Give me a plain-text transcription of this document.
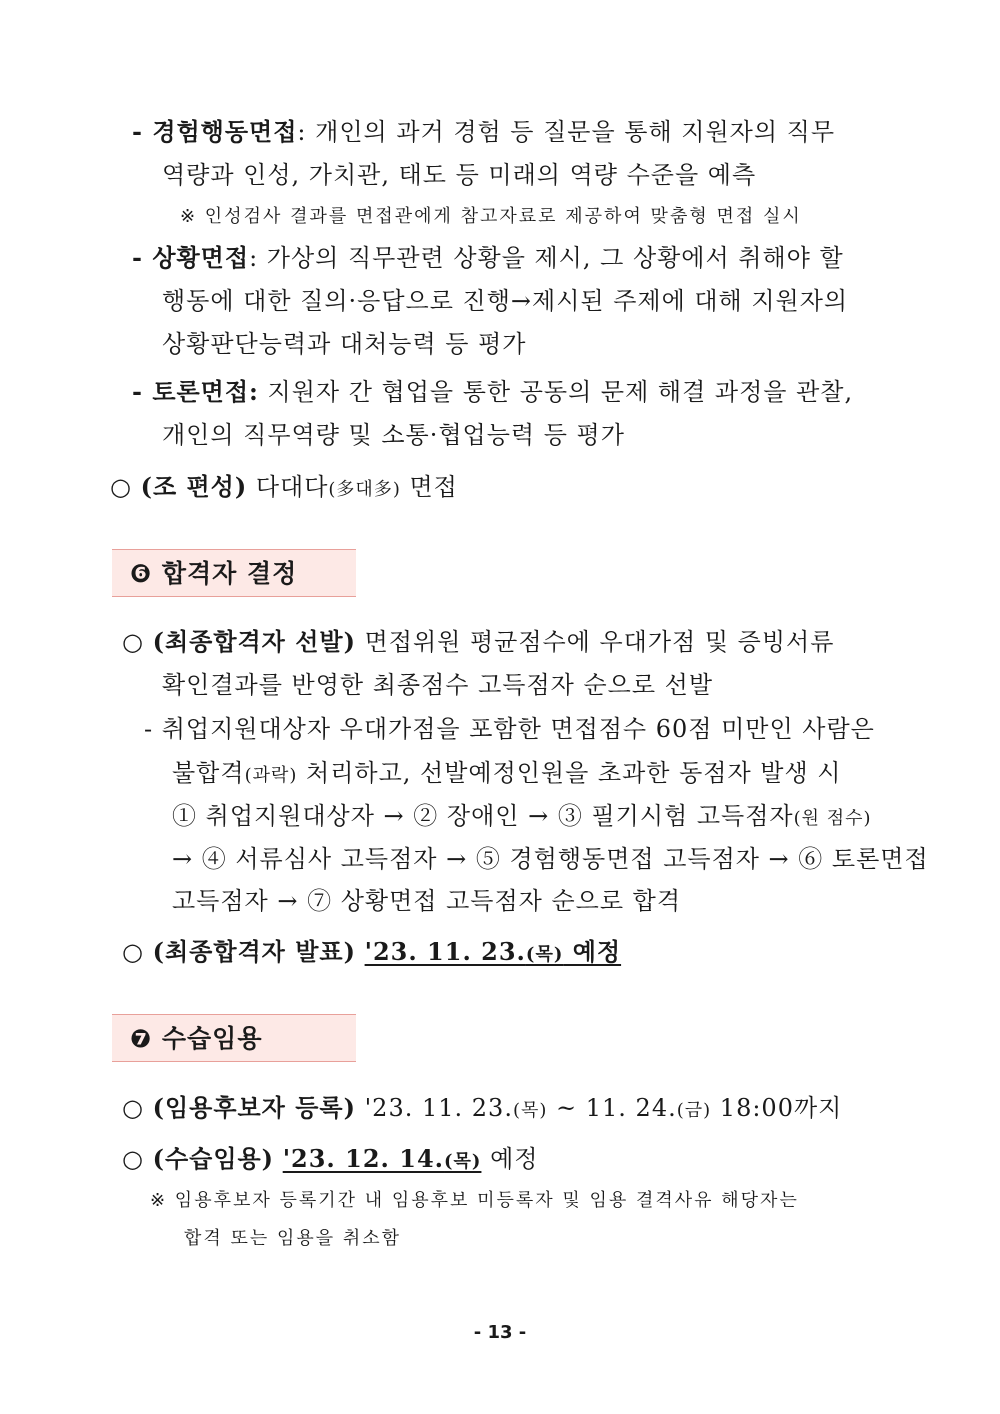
- 경험행동면접: 개인의 과거 경험 등 질문을 통해 지원자의 직무
역량과 인성, 가치관, 태도 등 미래의 역량 수준을 예측
※ 인성검사 결과를 면접관에게 참고자료로 제공하여 맞춤형 면접 실시
- 상황면접: 가상의 직무관련 상황을 제시, 그 상황에서 취해야 할
행동에 대한 질의·응답으로 진행→제시된 주제에 대해 지원자의
상황판단능력과 대처능력 등 평가
- 토론면접: 지원자 간 협업을 통한 공동의 문제 해결 과정을 관찰,
개인의 직무역량 및 소통·협업능력 등 평가
○ (조 편성) 다대다(多대多) 면접
❻ 합격자 결정
○ (최종합격자 선발) 면접위원 평균점수에 우대가점 및 증빙서류
확인결과를 반영한 최종점수 고득점자 순으로 선발
- 취업지원대상자 우대가점을 포함한 면접점수 60점 미만인 사람은
불합격(과락) 처리하고, 선발예정인원을 초과한 동점자 발생 시
① 취업지원대상자 → ② 장애인 → ③ 필기시험 고득점자(원 점수)
→ ④ 서류심사 고득점자 → ⑤ 경험행동면접 고득점자 → ⑥ 토론면접
고득점자 → ⑦ 상황면접 고득점자 순으로 합격
○ (최종합격자 발표) '23. 11. 23.(목) 예정
❼ 수습임용
○ (임용후보자 등록) '23. 11. 23.(목) ~ 11. 24.(금) 18:00까지
○ (수습임용) '23. 12. 14.(목) 예정
※ 임용후보자 등록기간 내 임용후보 미등록자 및 임용 결격사유 해당자는
합격 또는 임용을 취소함
- 13 -
